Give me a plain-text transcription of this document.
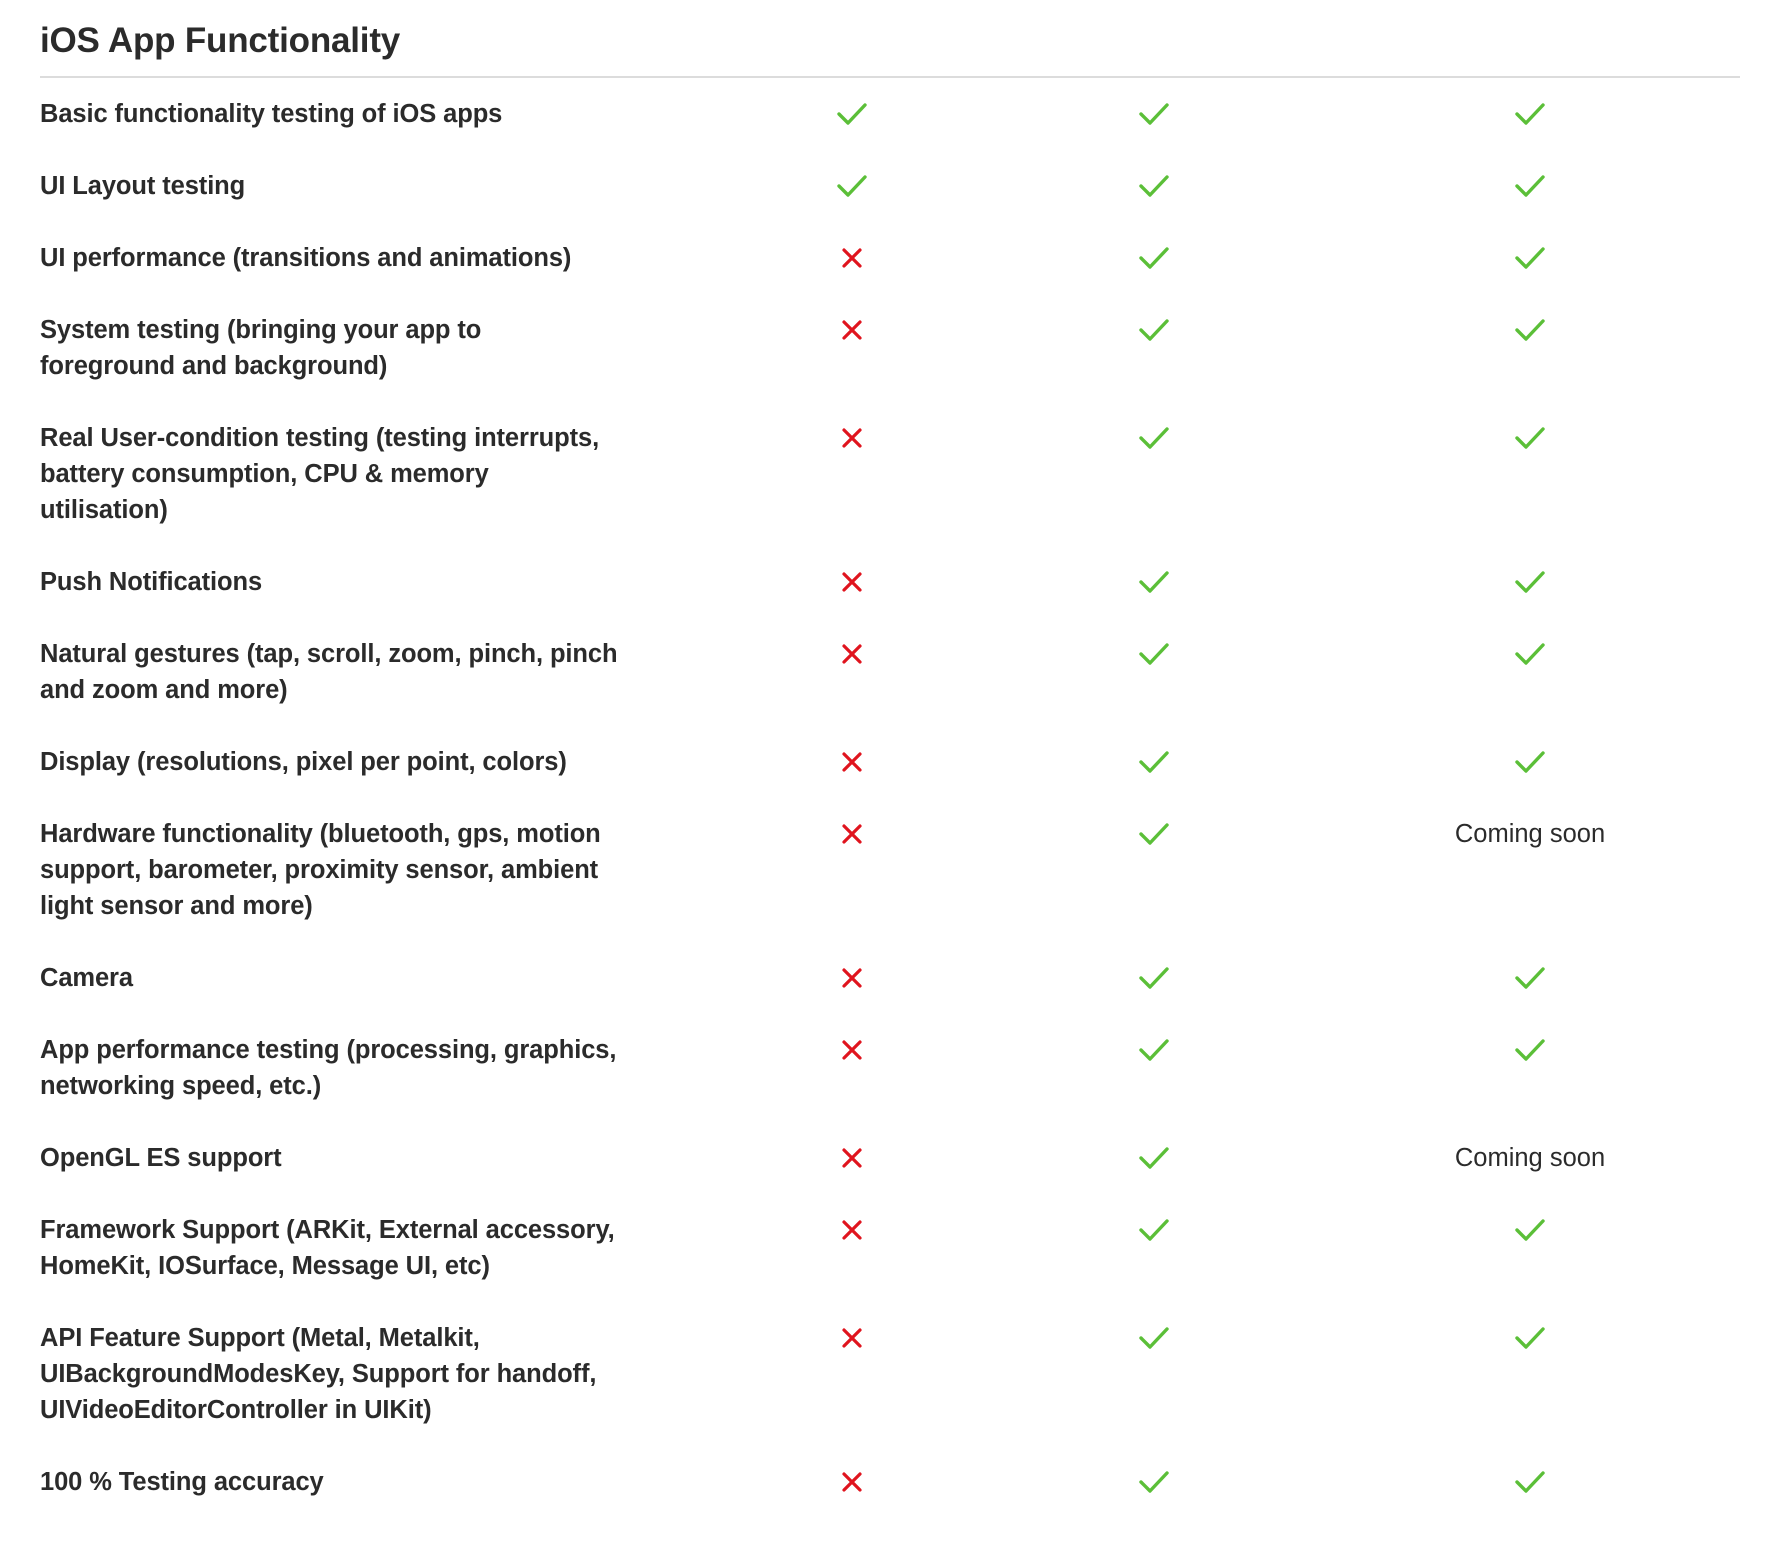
iOS App Functionality
Basic functionality testing of iOS apps
UI Layout testing
UI performance (transitions and animations)
System testing (bringing your app to
foreground and background)
Real User-condition testing (testing interrupts,
battery consumption, CPU & memory
utilisation)
Push Notifications
Natural gestures (tap, scroll, zoom, pinch, pinch
and zoom and more)
Display (resolutions, pixel per point, colors)
Hardware functionality (bluetooth, gps, motion
support, barometer, proximity sensor, ambient
light sensor and more)
Coming soon
Camera
App performance testing (processing, graphics,
networking speed, etc.)
OpenGL ES support	Coming soon
Framework Support (ARKit, External accessory,
HomeKit, IOSurface, Message UI, etc)
API Feature Support (Metal, Metalkit,
UIBackgroundModesKey, Support for handoff,
UIVideoEditorController in UIKit)
100 % Testing accuracy
